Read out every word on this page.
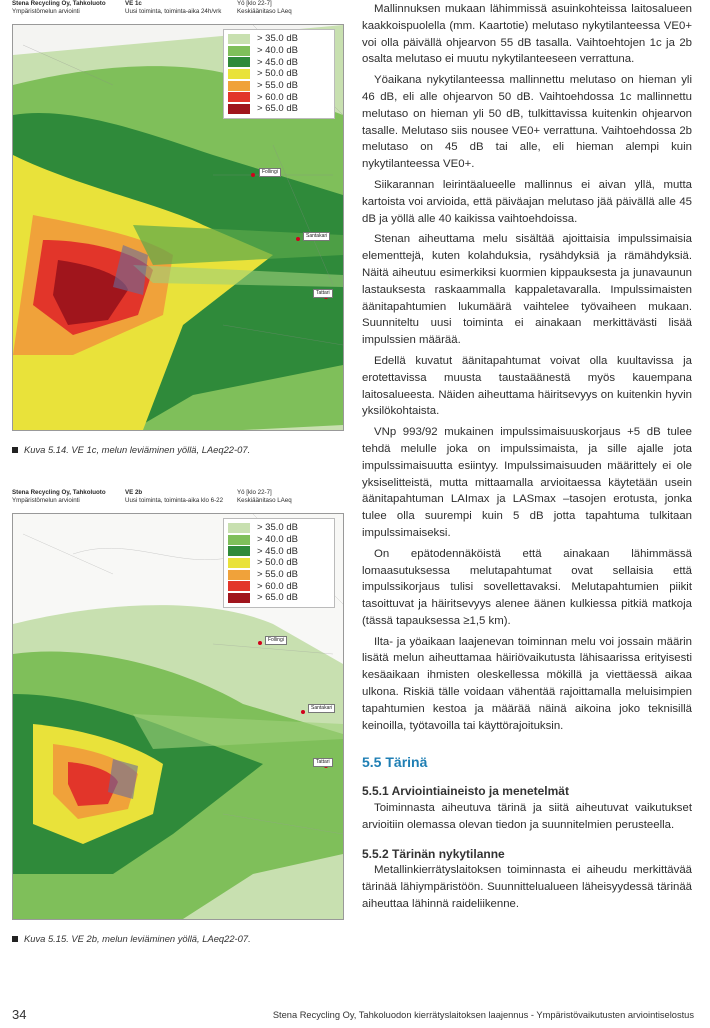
Stena Recycling Oy, Tahkoluoto
Ympäristömelun arviointi
VE 1c
Uusi toiminta, toiminta-aika 24h/vrk
Yö [klo 22-7]
Keskiäänitaso LAeq
Follingi
Santakari
Tattari
> 35.0 dB
> 40.0 dB
> 45.0 dB
> 50.0 dB
> 55.0 dB
> 60.0 dB
> 65.0 dB
Kuva 5.14. VE 1c, melun leviäminen yöllä, LAeq22-07.
Stena Recycling Oy, Tahkoluoto
Ympäristömelun arviointi
VE 2b
Uusi toiminta, toiminta-aika klo 6-22
Yö [klo 22-7]
Keskiäänitaso LAeq
Follingi
Santakari
Tattari
> 35.0 dB
> 40.0 dB
> 45.0 dB
> 50.0 dB
> 55.0 dB
> 60.0 dB
> 65.0 dB
Kuva 5.15. VE 2b, melun leviäminen yöllä, LAeq22-07.

Mallinnuksen mukaan lähimmissä asuinkohteissa laitosalueen kaakkoispuolella (mm. Kaartotie) melutaso nykytilanteessa VE0+ voi olla päivällä ohjearvon 55 dB tasalla. Vaihtoehtojen 1c ja 2b osalta melutaso ei muutu nykytilanteeseen verrattuna.

Yöaikana nykytilanteessa mallinnettu melutaso on hieman yli 46 dB, eli alle ohjearvon 50 dB. Vaihtoehdossa 1c mallinnettu melutaso on hieman yli 50 dB, tulkittavissa kuitenkin ohjearvon tasalle. Melutaso siis nousee VE0+ verrattuna. Vaihtoehdossa 2b melutaso on 45 dB tai alle, eli hieman alempi kuin nykytilanteessa VE0+.

Siikarannan leirintäalueelle mallinnus ei aivan yllä, mutta kartoista voi arvioida, että päiväajan melutaso jää päivällä alle 45 dB ja yöllä alle 40 kaikissa vaihtoehdoissa.

Stenan aiheuttama melu sisältää ajoittaisia impulssimaisia elementtejä, kuten kolahduksia, rysähdyksiä ja rämähdyksiä. Näitä aiheutuu esimerkiksi kuormien kippauksesta ja junavaunun lastauksesta raskaammalla kappaletavaralla. Impulssimaisten äänitapahtumien lukumäärä vaihtelee työvaiheen mukaan. Suunniteltu uusi toiminta ei ainakaan merkittävästi lisää impulssien määrää.

Edellä kuvatut äänitapahtumat voivat olla kuultavissa ja erotettavissa muusta taustaäänestä myös kauempana laitosalueesta. Näiden aiheuttama häiritsevyys on kuitenkin hyvin yksilökohtaista.

VNp 993/92 mukainen impulssimaisuuskorjaus +5 dB tulee tehdä melulle joka on impulssimaista, ja sille ajalle jota impulssimaisuutta esiintyy. Impulssimaisuuden määrittely ei ole yksiselitteistä, mutta mittaamalla arvioitaessa käytetään usein äänitapahtuman LAImax ja LASmax –tasojen erotusta, jonka tulee olla suurempi kuin 5 dB jotta tapahtuma tulkitaan impulssimaiseksi.

On epätodennäköistä että ainakaan lähimmässä lomaasutuksessa melutapahtumat ovat sellaisia että impulssikorjaus tulisi sovellettavaksi. Melutapahtumien piikit tasoittuvat ja häiritsevyys alenee äänen kulkiessa pitkiä matkoja (tässä tapauksessa ≥1,5 km).

Ilta- ja yöaikaan laajenevan toiminnan melu voi jossain määrin lisätä melun aiheuttamaa häiriövaikutusta lähisaarissa erityisesti kesäaikaan ihmisten oleskellessa mökillä ja viettäessä aikaa ulkona. Riskiä tälle voidaan vähentää rajoittamalla meluisimpien tapahtumien kestoa ja määrää näinä aikoina joko teknisillä keinoilla, työtavoilla tai käyttörajoituksin.

5.5 Tärinä
5.5.1 Arviointiaineisto ja menetelmät

Toiminnasta aiheutuva tärinä ja siitä aiheutuvat vaikutukset arvioitiin olemassa olevan tiedon ja suunnitelmien perusteella.

5.5.2 Tärinän nykytilanne

Metallinkierrätyslaitoksen toiminnasta ei aiheudu merkittävää tärinää lähiympäristöön. Suunnittelualueen läheisyydessä tärinää aiheuttaa lähinnä raideliikenne.

34	Stena Recycling Oy, Tahkoluodon kierrätyslaitoksen laajennus - Ympäristövaikutusten arviointiselostus
